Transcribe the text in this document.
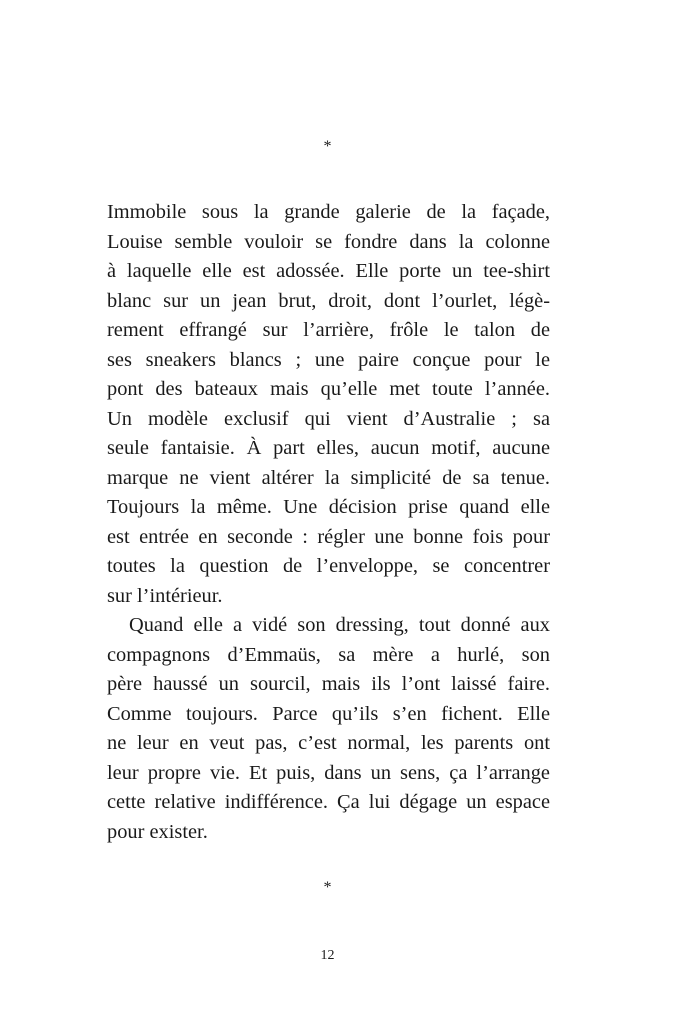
*
Immobile sous la grande galerie de la façade,
Louise semble vouloir se fondre dans la colonne
à laquelle elle est adossée. Elle porte un tee-shirt
blanc sur un jean brut, droit, dont l’ourlet, légè-
rement effrangé sur l’arrière, frôle le talon de
ses sneakers blancs ; une paire conçue pour le
pont des bateaux mais qu’elle met toute l’année.
Un modèle exclusif qui vient d’Australie ; sa
seule fantaisie. À part elles, aucun motif, aucune
marque ne vient altérer la simplicité de sa tenue.
Toujours la même. Une décision prise quand elle
est entrée en seconde : régler une bonne fois pour
toutes la question de l’enveloppe, se concentrer
sur l’intérieur.
Quand elle a vidé son dressing, tout donné aux
compagnons d’Emmaüs, sa mère a hurlé, son
père haussé un sourcil, mais ils l’ont laissé faire.
Comme toujours. Parce qu’ils s’en fichent. Elle
ne leur en veut pas, c’est normal, les parents ont
leur propre vie. Et puis, dans un sens, ça l’arrange
cette relative indifférence. Ça lui dégage un espace
pour exister.
*
12
